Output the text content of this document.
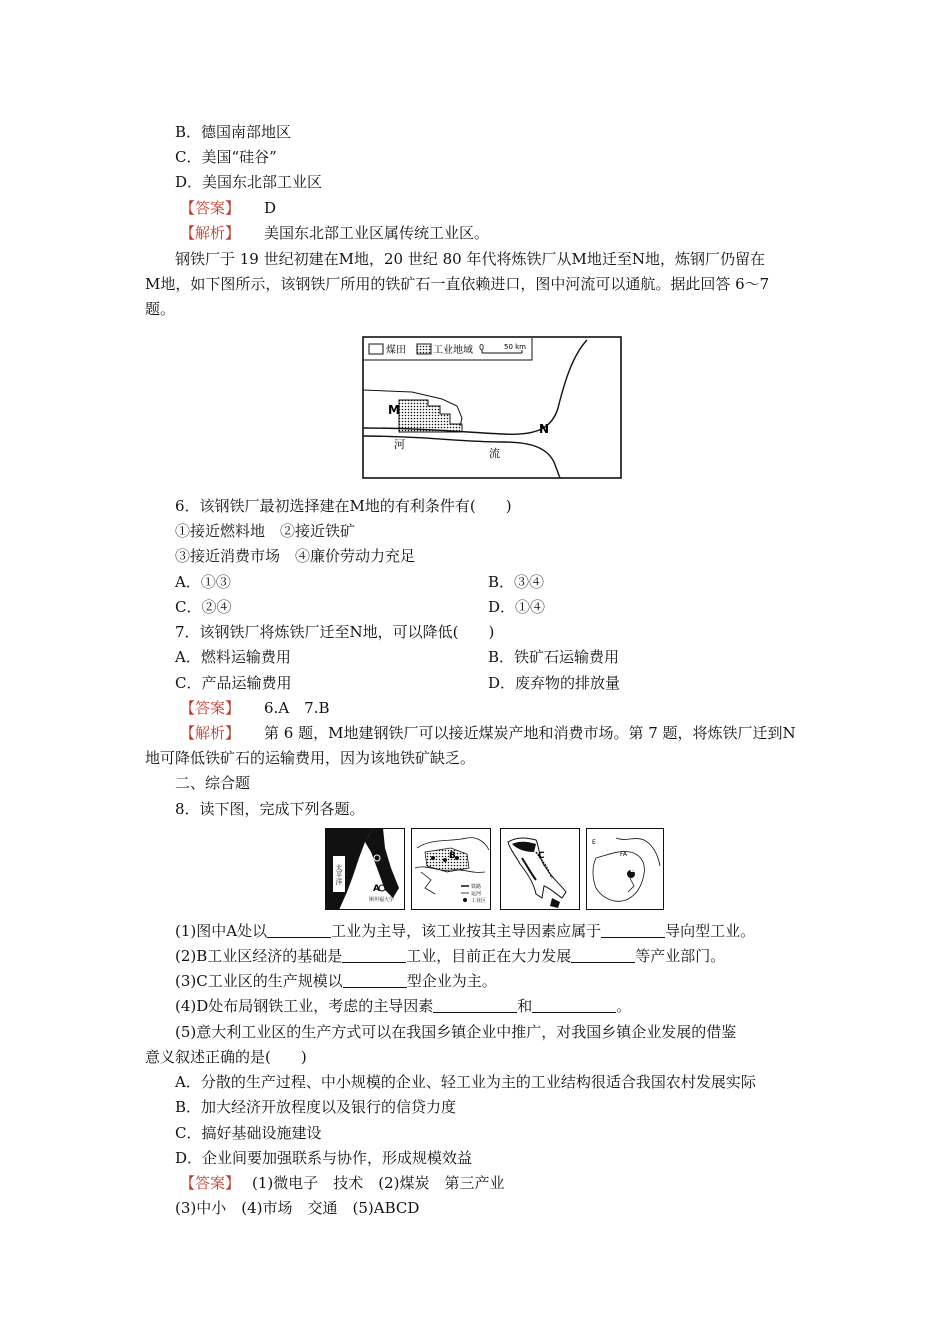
B．德国南部地区
C．美国“硅谷”
D．美国东北部工业区
【答案】 D
【解析】 美国东北部工业区属传统工业区。
钢铁厂于 19 世纪初建在M地，20 世纪 80 年代将炼铁厂从M地迁至N地，炼钢厂仍留在
M地，如下图所示，该钢铁厂所用的铁矿石一直依赖进口，图中河流可以通航。据此回答 6～7
题。
煤田	工业地域 0	50 km
M
N
河
流
6．该钢铁厂最初选择建在M地的有利条件有(　　)
①接近燃料地　②接近铁矿
③接近消费市场　④廉价劳动力充足
A．①③	B．③④
C．②④	D．①④
7．该钢铁厂将炼铁厂迁至N地，可以降低(　　)
A．燃料运输费用	B．铁矿石运输费用
C．产品运输费用	D．废弃物的排放量
【答案】 6.A　7.B
【解析】 第 6 题，M地建钢铁厂可以接近煤炭产地和消费市场。第 7 题，将炼铁厂迁到N
地可降低铁矿石的运输费用，因为该地铁矿缺乏。
二、综合题
8．读下图，完成下列各题。
太平洋
A
斯坦福大学
B
铁路
运河
工业区
C
E
FA
D
(1)图中A处以	工业为主导，该工业按其主导因素应属于	导向型工业。
(2)B工业区经济的基础是	工业，目前正在大力发展	等产业部门。
(3)C工业区的生产规模以	型企业为主。
(4)D处布局钢铁工业，考虑的主导因素	和	。
(5)意大利工业区的生产方式可以在我国乡镇企业中推广，对我国乡镇企业发展的借鉴
意义叙述正确的是(　　)
A．分散的生产过程、中小规模的企业、轻工业为主的工业结构很适合我国农村发展实际
B．加大经济开放程度以及银行的信贷力度
C．搞好基础设施建设
D．企业间要加强联系与协作，形成规模效益
【答案】 (1)微电子　技术　(2)煤炭　第三产业
(3)中小　(4)市场　交通　(5)ABCD
